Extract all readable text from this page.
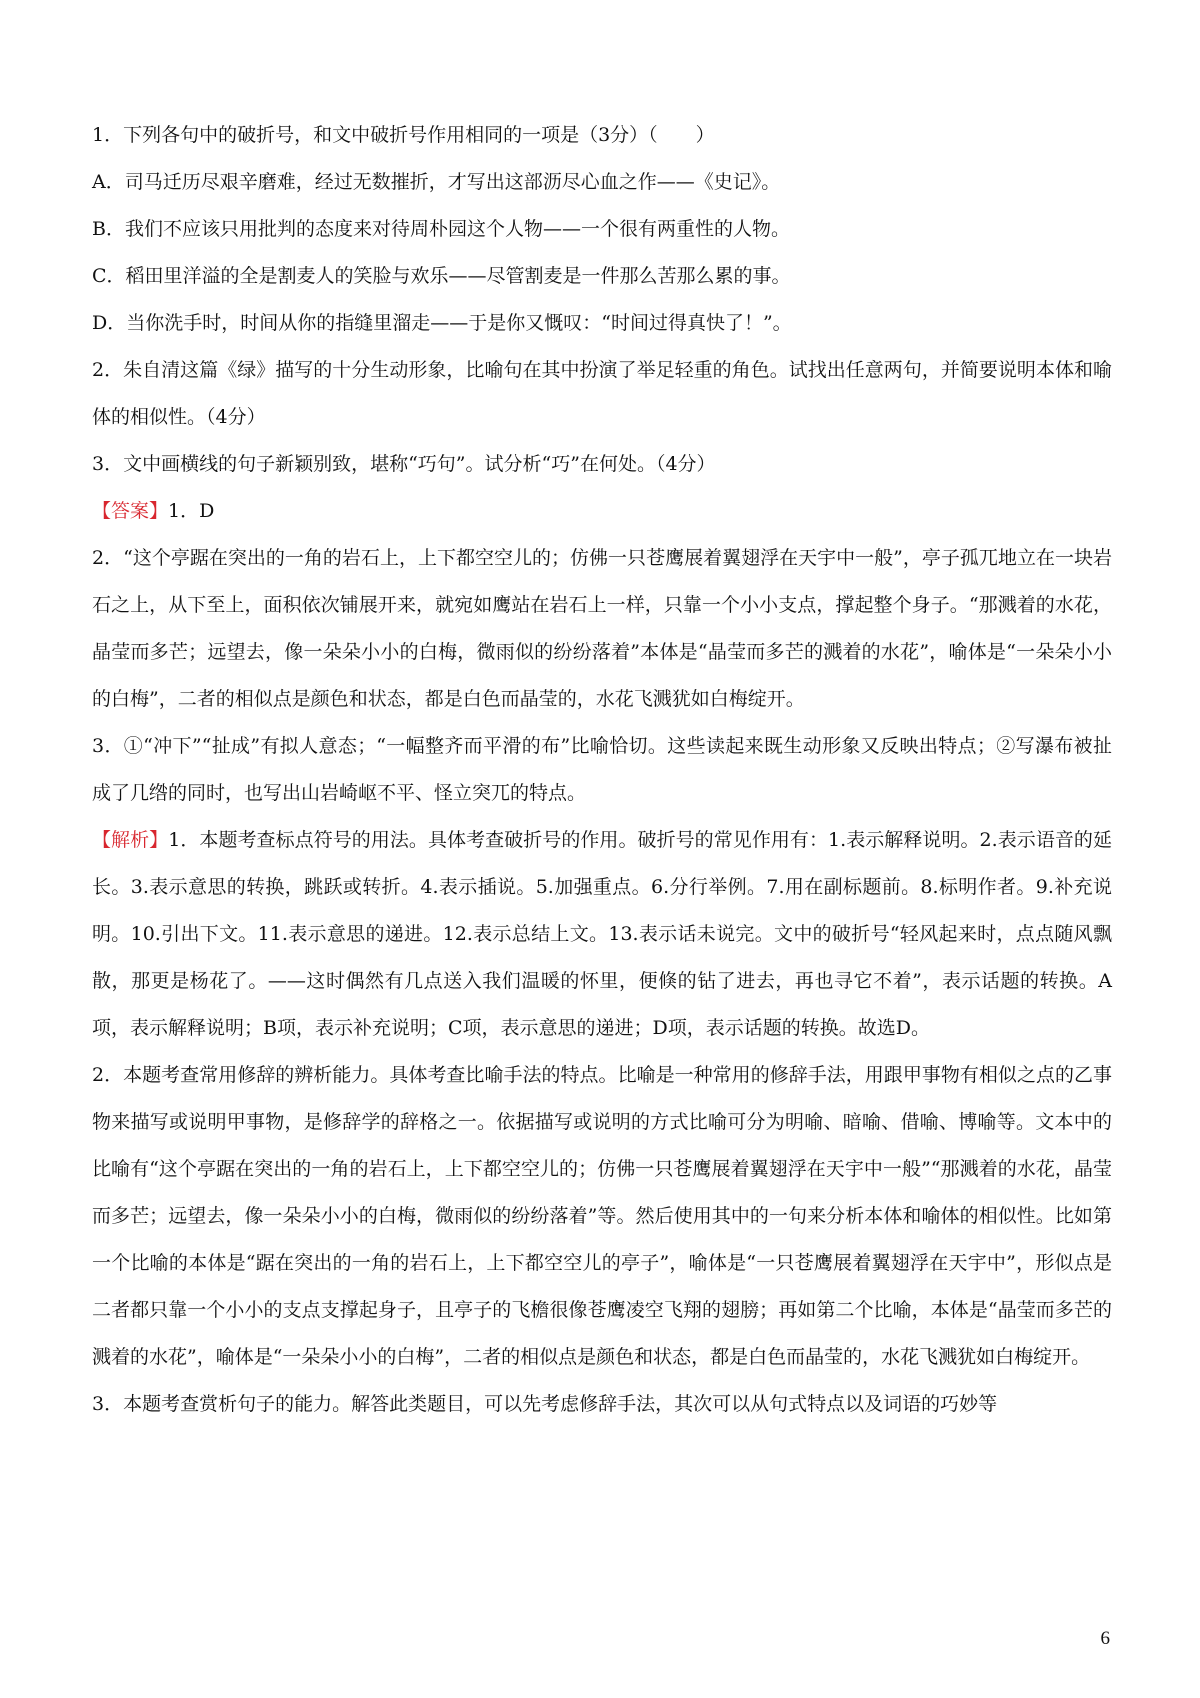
1．下列各句中的破折号，和文中破折号作用相同的一项是（3分）（　　）

A．司马迁历尽艰辛磨难，经过无数摧折，才写出这部沥尽心血之作——《史记》。

B．我们不应该只用批判的态度来对待周朴园这个人物——一个很有两重性的人物。

C．稻田里洋溢的全是割麦人的笑脸与欢乐——尽管割麦是一件那么苦那么累的事。

D．当你洗手时，时间从你的指缝里溜走——于是你又慨叹：“时间过得真快了！”。

2．朱自清这篇《绿》描写的十分生动形象，比喻句在其中扮演了举足轻重的角色。试找出任意两句，并简要说明本体和喻体的相似性。（4分）

3．文中画横线的句子新颖别致，堪称“巧句”。试分析“巧”在何处。（4分）

【答案】1．D

2．“这个亭踞在突出的一角的岩石上，上下都空空儿的；仿佛一只苍鹰展着翼翅浮在天宇中一般”，亭子孤兀地立在一块岩石之上，从下至上，面积依次铺展开来，就宛如鹰站在岩石上一样，只靠一个小小支点，撑起整个身子。“那溅着的水花，晶莹而多芒；远望去，像一朵朵小小的白梅，微雨似的纷纷落着”本体是“晶莹而多芒的溅着的水花”，喻体是“一朵朵小小的白梅”，二者的相似点是颜色和状态，都是白色而晶莹的，水花飞溅犹如白梅绽开。

3．①“冲下”“扯成”有拟人意态；“一幅整齐而平滑的布”比喻恰切。这些读起来既生动形象又反映出特点；②写瀑布被扯成了几绺的同时，也写出山岩崎岖不平、怪立突兀的特点。

【解析】1．本题考查标点符号的用法。具体考查破折号的作用。破折号的常见作用有：1.表示解释说明。2.表示语音的延长。3.表示意思的转换，跳跃或转折。4.表示插说。5.加强重点。6.分行举例。7.用在副标题前。8.标明作者。9.补充说明。10.引出下文。11.表示意思的递进。12.表示总结上文。13.表示话未说完。文中的破折号“轻风起来时，点点随风飘散，那更是杨花了。——这时偶然有几点送入我们温暖的怀里，便倏的钻了进去，再也寻它不着”，表示话题的转换。A项，表示解释说明；B项，表示补充说明；C项，表示意思的递进；D项，表示话题的转换。故选D。

2．本题考查常用修辞的辨析能力。具体考查比喻手法的特点。比喻是一种常用的修辞手法，用跟甲事物有相似之点的乙事物来描写或说明甲事物，是修辞学的辞格之一。依据描写或说明的方式比喻可分为明喻、暗喻、借喻、博喻等。文本中的比喻有“这个亭踞在突出的一角的岩石上，上下都空空儿的；仿佛一只苍鹰展着翼翅浮在天宇中一般”“那溅着的水花，晶莹而多芒；远望去，像一朵朵小小的白梅，微雨似的纷纷落着”等。然后使用其中的一句来分析本体和喻体的相似性。比如第一个比喻的本体是“踞在突出的一角的岩石上，上下都空空儿的亭子”，喻体是“一只苍鹰展着翼翅浮在天宇中”，形似点是二者都只靠一个小小的支点支撑起身子，且亭子的飞檐很像苍鹰凌空飞翔的翅膀；再如第二个比喻，本体是“晶莹而多芒的溅着的水花”，喻体是“一朵朵小小的白梅”，二者的相似点是颜色和状态，都是白色而晶莹的，水花飞溅犹如白梅绽开。

3．本题考查赏析句子的能力。解答此类题目，可以先考虑修辞手法，其次可以从句式特点以及词语的巧妙等

6
